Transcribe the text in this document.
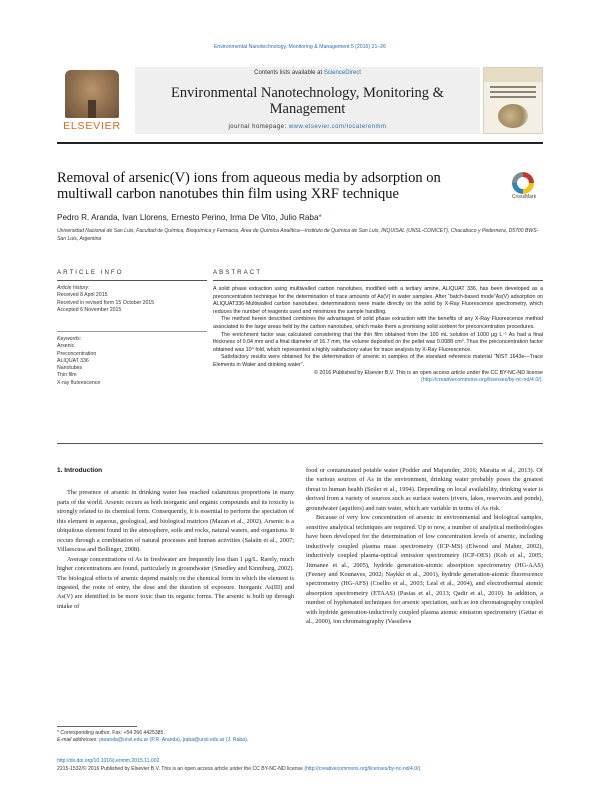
Environmental Nanotechnology, Monitoring & Management 5 (2016) 21–26
ELSEVIER
Contents lists available at ScienceDirect
Environmental Nanotechnology, Monitoring & Management
journal homepage: www.elsevier.com/locate/enmm
Removal of arsenic(V) ions from aqueous media by adsorption on multiwall carbon nanotubes thin film using XRF technique	CrossMark
Pedro R. Aranda, Ivan Llorens, Ernesto Perino, Irma De Vito, Julio Raba*
Universidad Nacional de San Luis, Facultad de Química, Bioquímica y Farmacia, Área de Química Analítica—Instituto de Química de San Luis, INQUISAL (UNSL-CONICET), Chacabuco y Pedernera, D5700 BWS-San Luis, Argentina
ARTICLE INFO	ABSTRACT
Article history:
Received 8 April 2015
Received in revised form 15 October 2015
Accepted 6 November 2015
Keywords:
Arsenic
Preconcentration
ALIQUAT 336
Nanotubes
Thin film
X-ray fluorescence

A solid phase extraction using multiwalled carbon nanotubes, modified with a tertiary amine, ALIQUAT 336, has been developed as a preconcentration technique for the determination of trace amounts of As(V) in water samples. After “batch-based mode”As(V) adsorption on ALIQUAT336-Multiwalled carbon nanotubes, determinations were made directly on the solid by X-Ray Fluorescence spectrometry, which reduces the number of reagents used and minimizes the sample handling.

The method herein described combines the advantages of solid phase extraction with the benefits of any X-Ray Fluorescence method associated to the large areas held by the carbon nanotubes, which make them a promising solid sorbent for preconcentration procedures.

The enrichment factor was calculated considering that the thin film obtained from the 100 mL solution of 1000 μg L⁻¹ As had a final thickness of 0.04 mm and a final diameter of 16.7 mm, the volume deposited on the pellet was 0.0088 cm³. Thus the preconcentration factor obtained was 10⁴ fold, which represented a highly satisfactory value for trace analysis by X-Ray Fluorescence.

Satisfactory results were obtained for the determination of arsenic in samples of the standard reference material “NIST 1643e—Trace Elements in Water and drinking water”.

© 2016 Published by Elsevier B.V. This is an open access article under the CC BY-NC-ND license

(http://creativecommons.org/licenses/by-nc-nd/4.0/).

1. Introduction

The presence of arsenic in drinking water has reached calamitous proportions in many parts of the world. Arsenic occurs as both inorganic and organic compounds and its toxicity is strongly related to its chemical form. Consequently, it is essential to perform the speciation of this element in aqueous, geological, and biological matrices (Mazan et al., 2002). Arsenic is a ubiquitous element found in the atmosphere, soils and rocks, natural waters, and organisms. It occurs through a combination of natural processes and human activities (Salaün et al., 2007; Villaescusa and Bollinger, 2008).

Average concentrations of As in freshwater are frequently less than 1 μg/L. Rarely, much higher concentrations are found, particularly in groundwater (Smedley and Kinniburg, 2002). The biological effects of arsenic depend mainly on the chemical form in which the element is ingested, the route of entry, the dose and the duration of exposure. Inorganic As(III) and As(V) are identified to be more toxic than its organic forms. The arsenic is built up through intake of

food or contaminated potable water (Podder and Majumder, 2016; Maratta et al., 2013). Of the various sources of As in the environment, drinking water probably poses the greatest threat to human health (Seiler et al., 1994). Depending on local availability, drinking water is derived from a variety of sources such as surface waters (rivers, lakes, reservoirs and ponds), groundwater (aquifers) and rain water, which are variable in terms of As risk.

Because of very low concentration of arsenic in environmental and biological samples, sensitive analytical techniques are required. Up to now, a number of analytical methodologies have been developed for the determination of low concentration levels of arsenic, including inductively coupled plasma mass spectrometry (ICP-MS) (Elwood and Maher, 2002), inductively coupled plasma-optical emission spectrometry (ICP-OES) (Koh et al., 2005; Jitmanee et al., 2005), hydride generation-atomic absorption spectrometry (HG-AAS) (Feeney and Kounaves, 2002; Naykki et al., 2001), hydride generation-atomic fluorescence spectrometry (HG-AFS) (Coelho et al., 2003; Leal et al., 2004), and electrothermal atomic absorption spectrometry (ETAAS) (Pasias et al., 2013; Qadir et al., 2010). In addition, a number of hyphenated techniques for arsenic speciation, such as ion chromatography coupled with hydride generation-inductively coupled plasma atomic emission spectrometry (Gettar et al., 2000), ion chromatography (Vassileva

* Corresponding author. Fax: +54 266 4425385.
E-mail addresses: paranda@unsl.edu.ar (P.R. Aranda), jraba@unsl.edu.ar (J. Raba).
http://dx.doi.org/10.1016/j.enmm.2015.11.002
2215-1532/© 2016 Published by Elsevier B.V. This is an open access article under the CC BY-NC-ND license (http://creativecommons.org/licenses/by-nc-nd/4.0/).
